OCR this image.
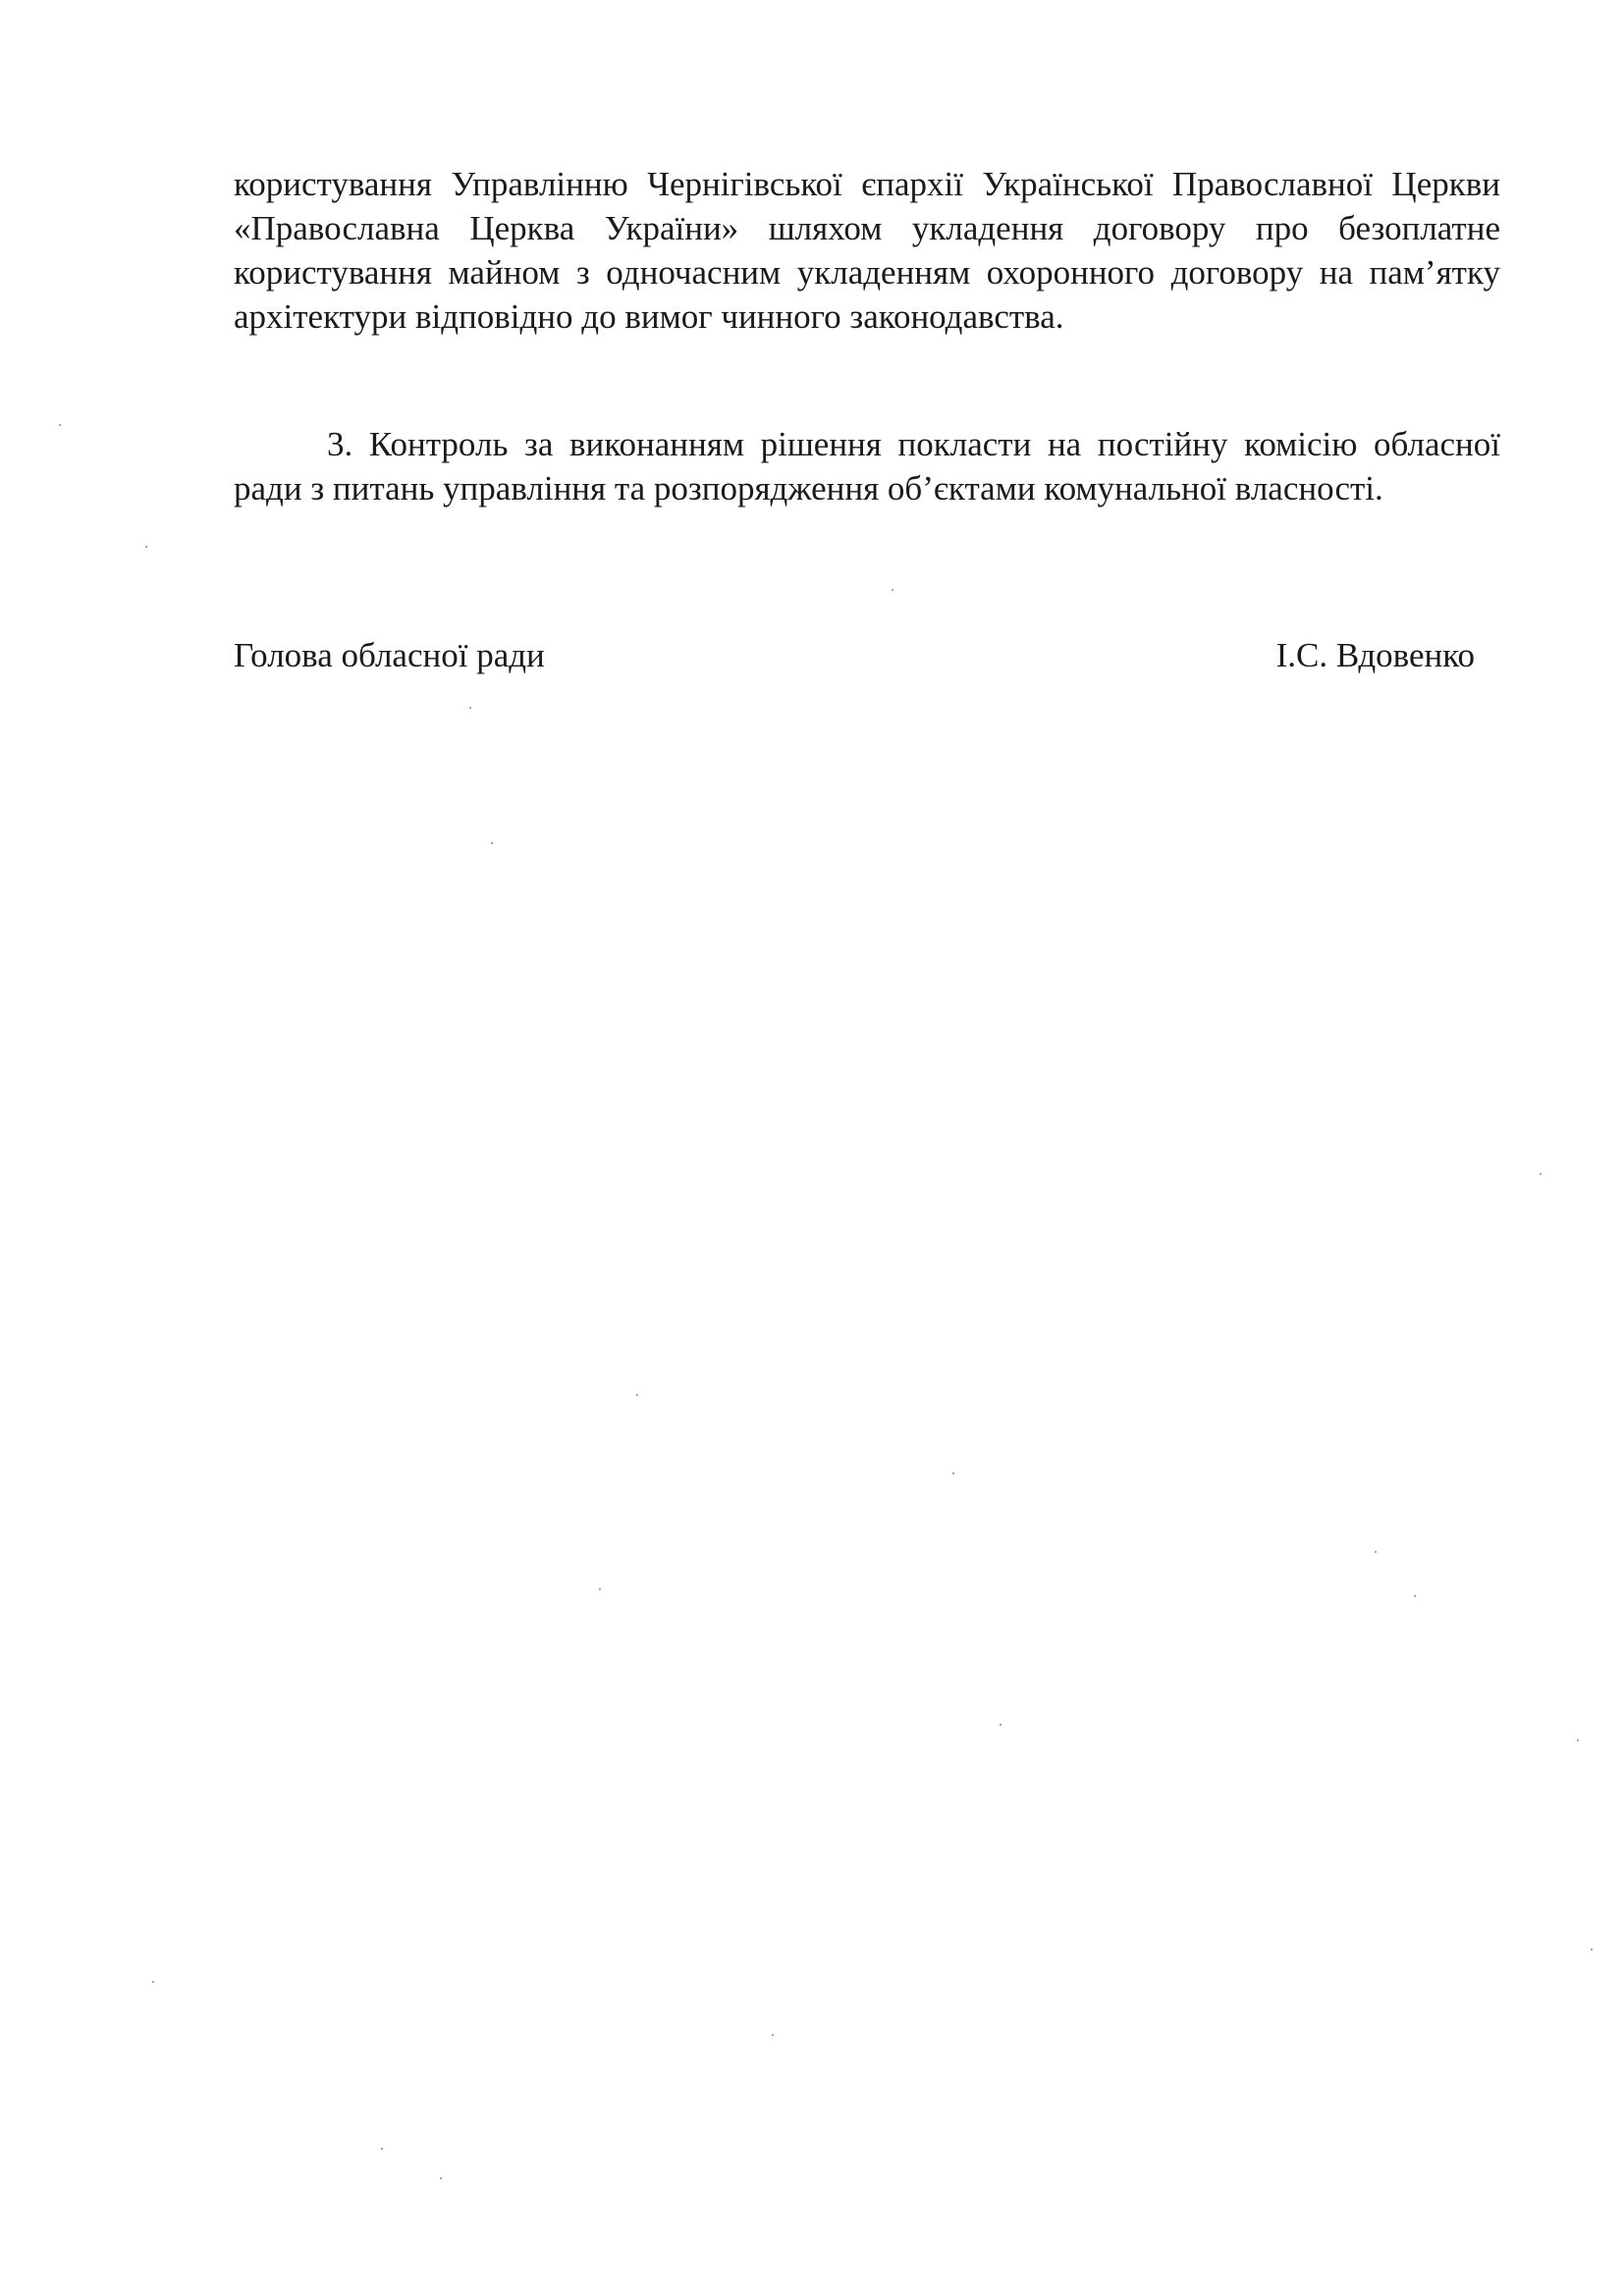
користування Управлінню Чернігівської єпархії Української Православної Церкви «Православна Церква України» шляхом укладення договору про безоплатне користування майном з одночасним укладенням охоронного договору на пам’ятку архітектури відповідно до вимог чинного законодавства.

3. Контроль за виконанням рішення покласти на постійну комісію обласної ради з питань управління та розпорядження об’єктами комунальної власності.

Голова обласної ради	І.С. Вдовенко
